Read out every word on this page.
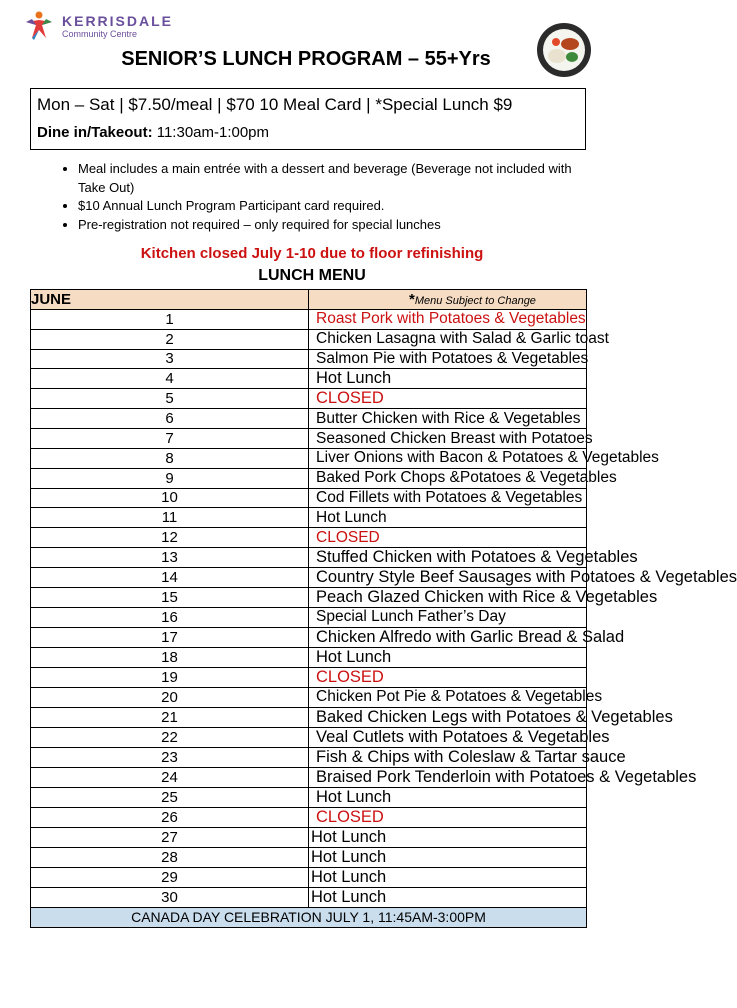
KERRISDALE
Community Centre
SENIOR’S LUNCH PROGRAM – 55+Yrs
Mon – Sat | $7.50/meal | $70 10 Meal Card | *Special Lunch $9
Dine in/Takeout: 11:30am-1:00pm
• Meal includes a main entrée with a dessert and beverage (Beverage not included with Take Out)
• $10 Annual Lunch Program Participant card required.
• Pre-registration not required – only required for special lunches
Kitchen closed July 1-10 due to floor refinishing
LUNCH MENU
JUNE	*Menu Subject to Change
1	Roast Pork with Potatoes & Vegetables
2	Chicken Lasagna with Salad & Garlic toast
3	Salmon Pie with Potatoes & Vegetables
4	Hot Lunch
5	CLOSED
6	Butter Chicken with Rice & Vegetables
7	Seasoned Chicken Breast with Potatoes
8	Liver Onions with Bacon & Potatoes & Vegetables
9	Baked Pork Chops &Potatoes & Vegetables
10	Cod Fillets with Potatoes & Vegetables
11	Hot Lunch
12	CLOSED
13	Stuffed Chicken with Potatoes & Vegetables
14	Country Style Beef Sausages with Potatoes & Vegetables
15	Peach Glazed Chicken with Rice & Vegetables
16	Special Lunch Father’s Day
17	Chicken Alfredo with Garlic Bread & Salad
18	Hot Lunch
19	CLOSED
20	Chicken Pot Pie & Potatoes & Vegetables
21	Baked Chicken Legs with Potatoes & Vegetables
22	Veal Cutlets with Potatoes & Vegetables
23	Fish & Chips with Coleslaw & Tartar sauce
24	Braised Pork Tenderloin with Potatoes & Vegetables
25	Hot Lunch
26	CLOSED
27	Hot Lunch
28	Hot Lunch
29	Hot Lunch
30	Hot Lunch
CANADA DAY CELEBRATION JULY 1, 11:45AM-3:00PM	
